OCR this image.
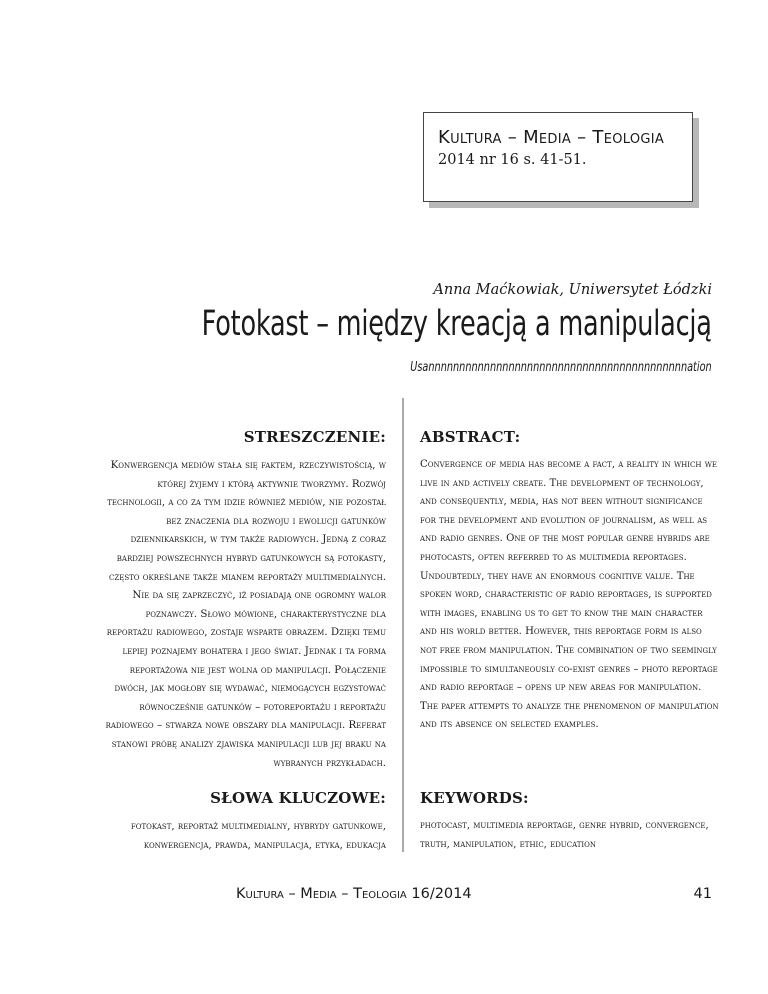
Kultura – Media – Teologia
2014 nr 16 s. 41-51.
Anna Maćkowiak, Uniwersytet Łódzki
Fotokast – między kreacją a manipulacją
Usannnnnnnnnnnnnnnnnnnnnnnnnnnnnnnnnnnnnnnnnnation
STRESZCZENIE:
Konwergencja mediów stała się faktem, rzeczywistością, w której żyjemy i którą aktywnie tworzymy. Rozwój technologii, a co za tym idzie również mediów, nie pozostał bez znaczenia dla rozwoju i ewolucji gatunków dziennikarskich, w tym także radiowych. Jedną z coraz bardziej powszechnych hybryd gatunkowych są fotokasty, często określane także mianem reportaży multimedialnych. Nie da się zaprzeczyć, iż posiadają one ogromny walor poznawczy. Słowo mówione, charakterystyczne dla reportażu radiowego, zostaje wsparte obrazem. Dzięki temu lepiej poznajemy bohatera i jego świat. Jednak i ta forma reportażowa nie jest wolna od manipulacji. Połączenie dwóch, jak mogłoby się wydawać, niemogących egzystować równocześnie gatunków – fotoreportażu i reportażu radiowego – stwarza nowe obszary dla manipulacji. Referat stanowi próbę analizy zjawiska manipulacji lub jej braku na wybranych przykładach.
ABSTRACT:
Convergence of media has become a fact, a reality in which we live in and actively create. The development of technology, and consequently, media, has not been without significance for the development and evolution of journalism, as well as and radio genres. One of the most popular genre hybrids are photocasts, often referred to as multimedia reportages. Undoubtedly, they have an enormous cognitive value. The spoken word, characteristic of radio reportages, is supported with images, enabling us to get to know the main character and his world better. However, this reportage form is also not free from manipulation. The combination of two seemingly impossible to simultaneously co-exist genres – photo reportage and radio reportage – opens up new areas for manipulation. The paper attempts to analyze the phenomenon of manipulation and its absence on selected examples.
SŁOWA KLUCZOWE:
fotokast, reportaż multimedialny, hybrydy gatunkowe, konwergencja, prawda, manipulacja, etyka, edukacja
KEYWORDS:
photocast, multimedia reportage, genre hybrid, convergence, truth, manipulation, ethic, education
Kultura – Media – Teologia 16/2014	41
